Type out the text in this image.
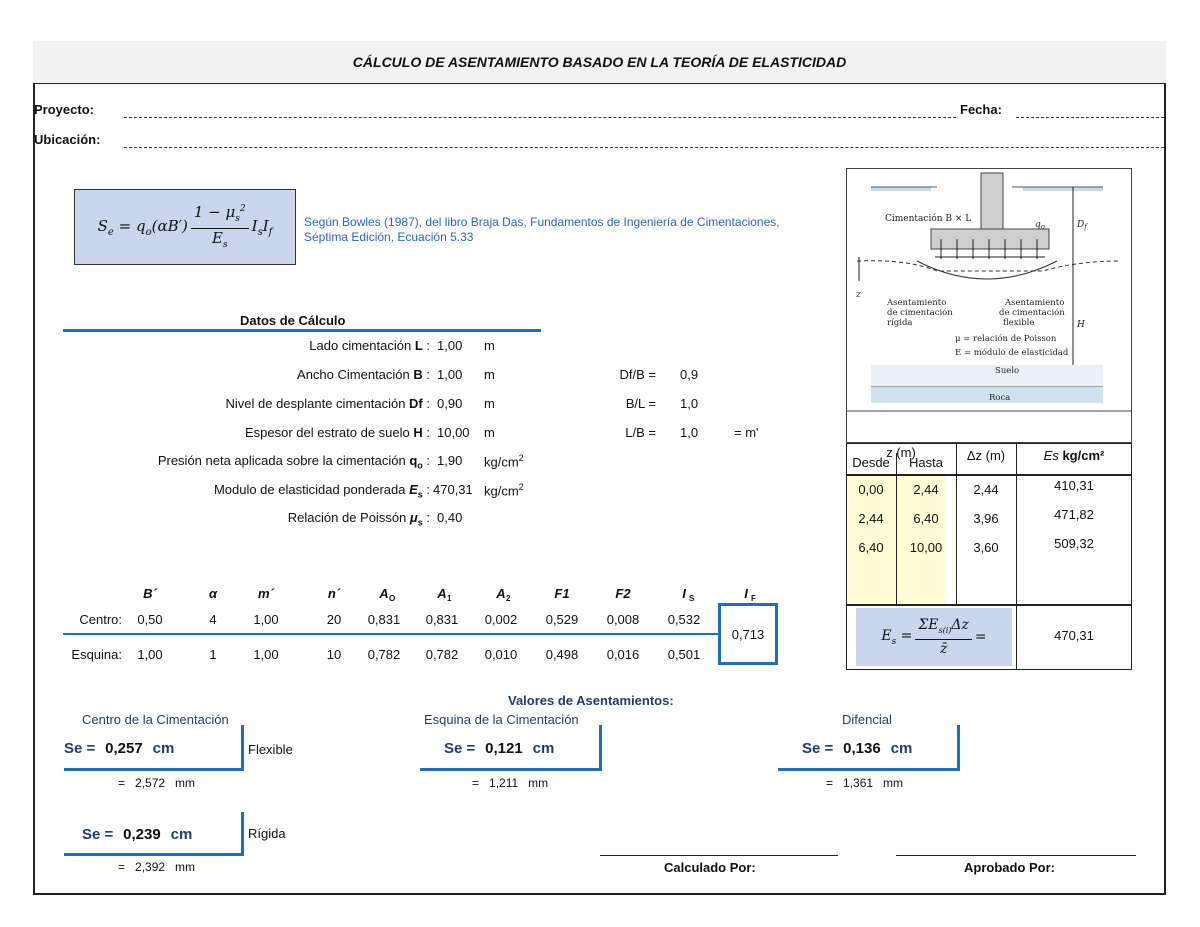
CÁLCULO DE ASENTAMIENTO BASADO EN LA TEORÍA DE ELASTICIDAD
Proyecto:	Fecha:
Ubicación:
$S_e = q_o(\alpha B') \frac{1 - \mu_s^2}{E_s} I_sI_f$
Según Bowles (1987), del libro Braja Das, Fundamentos de Ingeniería de Cimentaciones,
Séptima Edición, Ecuación 5.33
Datos de Cálculo
Lado cimentación L : 1,00 m
Ancho Cimentación B : 1,00 m
Nivel de desplante cimentación Df : 0,90 m
Espesor del estrato de suelo H : 10,00 m
Presión neta aplicada sobre la cimentación $q_o$ : 1,90 $kg/cm^2$
Modulo de elasticidad ponderada $E_s$ : 470,31 $kg/cm^2$
Relación de Poissón $\mu_s$ : 0,40
Df/B = 0,9
B/L = 1,0
L/B = 1,0	= m'
B´	α	m´	n´	A O	A 1	A 2	F1	F2	I S	I F
Centro:	0,50	4	1,00	20	0,831	0,831	0,002	0,529	0,008	0,532
Esquina:	1,00	1	1,00	10	0,782	0,782	0,010	0,498	0,016	0,501
0,713
z
Cimentación B × L
$q_o$	$D_f$
H
Asentamiento
de cimentación
rígida
Asentamiento
de cimentación
flexible
μ = relación de Poisson
E = módulo de elasticidad
Suelo
Roca
z (m)
Desde	Hasta	Δz (m)	Es kg/cm²
0,00	2,44	2,44	410,31
2,44	6,40	3,96	471,82
6,40	10,00	3,60	509,32
$E_s = \frac{\Sigma E_{s(i)}\Delta z}{z̄}$ =	470,31
Valores de Asentamientos:
Centro de la Cimentación	Esquina de la Cimentación	Difencial
Se = 0,257 cm	Flexible
= 2,572 mm
Se = 0,239 cm	Rígida
= 2,392 mm
Se = 0,121 cm
= 1,211 mm
Se = 0,136 cm
= 1,361 mm
Calculado Por:	Aprobado Por:
